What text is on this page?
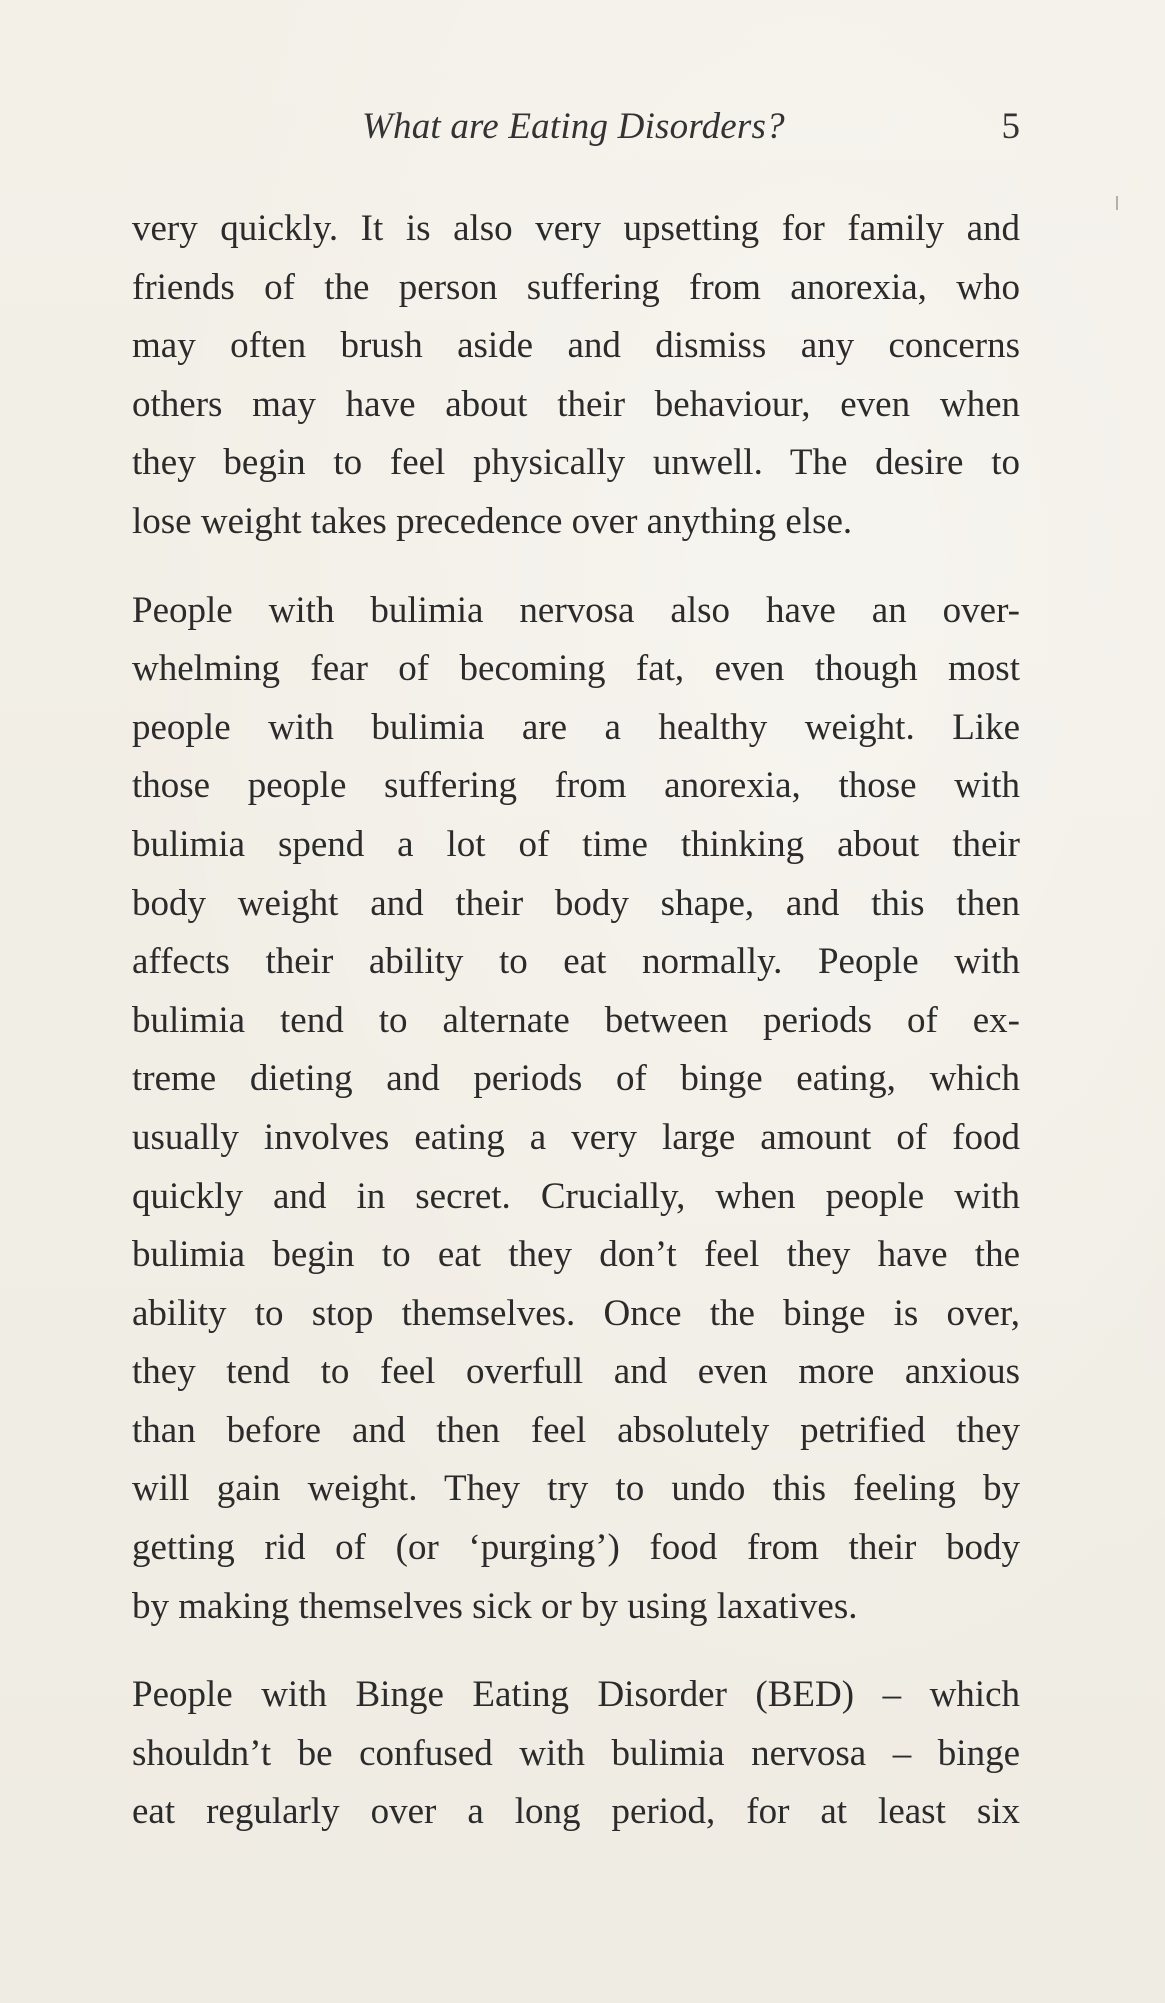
What are Eating Disorders?	5

very quickly. It is also very upsetting for family and
friends of the person suffering from anorexia, who
may often brush aside and dismiss any concerns
others may have about their behaviour, even when
they begin to feel physically unwell. The desire to
lose weight takes precedence over anything else.

People with bulimia nervosa also have an over-
whelming fear of becoming fat, even though most
people with bulimia are a healthy weight. Like
those people suffering from anorexia, those with
bulimia spend a lot of time thinking about their
body weight and their body shape, and this then
affects their ability to eat normally. People with
bulimia tend to alternate between periods of ex-
treme dieting and periods of binge eating, which
usually involves eating a very large amount of food
quickly and in secret. Crucially, when people with
bulimia begin to eat they don’t feel they have the
ability to stop themselves. Once the binge is over,
they tend to feel overfull and even more anxious
than before and then feel absolutely petrified they
will gain weight. They try to undo this feeling by
getting rid of (or ‘purging’) food from their body
by making themselves sick or by using laxatives.

People with Binge Eating Disorder (BED) – which
shouldn’t be confused with bulimia nervosa – binge
eat regularly over a long period, for at least six
